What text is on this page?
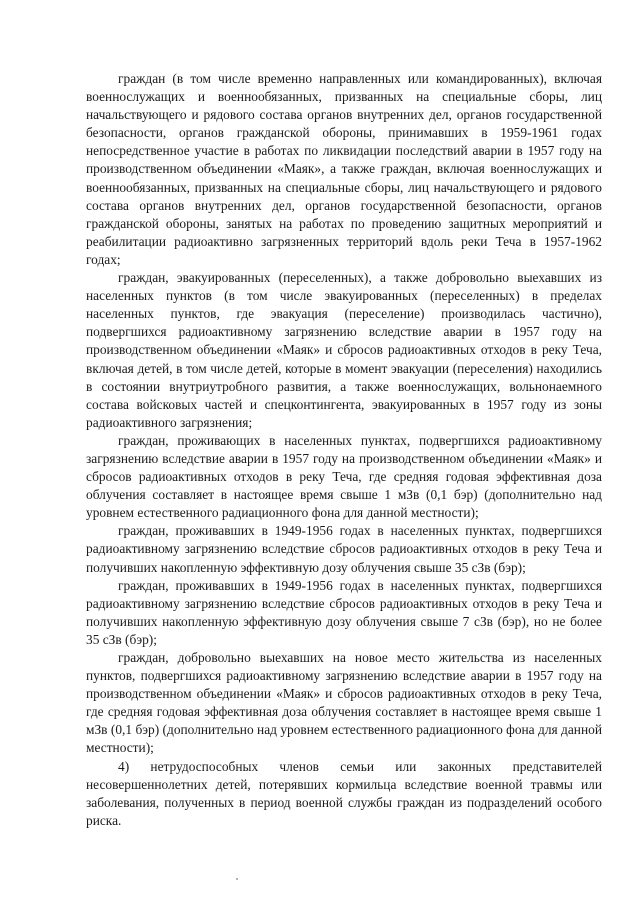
граждан (в том числе временно направленных или командированных), включая военнослужащих и военнообязанных, призванных на специальные сборы, лиц начальствующего и рядового состава органов внутренних дел, органов государственной безопасности, органов гражданской обороны, принимавших в 1959-1961 годах непосредственное участие в работах по ликвидации последствий аварии в 1957 году на производственном объединении «Маяк», а также граждан, включая военнослужащих и военнообязанных, призванных на специальные сборы, лиц начальствующего и рядового состава органов внутренних дел, органов государственной безопасности, органов гражданской обороны, занятых на работах по проведению защитных мероприятий и реабилитации радиоактивно загрязненных территорий вдоль реки Теча в 1957-1962 годах;

граждан, эвакуированных (переселенных), а также добровольно выехавших из населенных пунктов (в том числе эвакуированных (переселенных) в пределах населенных пунктов, где эвакуация (переселение) производилась частично), подвергшихся радиоактивному загрязнению вследствие аварии в 1957 году на производственном объединении «Маяк» и сбросов радиоактивных отходов в реку Теча, включая детей, в том числе детей, которые в момент эвакуации (переселения) находились в состоянии внутриутробного развития, а также военнослужащих, вольнонаемного состава войсковых частей и спецконтингента, эвакуированных в 1957 году из зоны радиоактивного загрязнения;

граждан, проживающих в населенных пунктах, подвергшихся радиоактивному загрязнению вследствие аварии в 1957 году на производственном объединении «Маяк» и сбросов радиоактивных отходов в реку Теча, где средняя годовая эффективная доза облучения составляет в настоящее время свыше 1 мЗв (0,1 бэр) (дополнительно над уровнем естественного радиационного фона для данной местности);

граждан, проживавших в 1949-1956 годах в населенных пунктах, подвергшихся радиоактивному загрязнению вследствие сбросов радиоактивных отходов в реку Теча и получивших накопленную эффективную дозу облучения свыше 35 сЗв (бэр);

граждан, проживавших в 1949-1956 годах в населенных пунктах, подвергшихся радиоактивному загрязнению вследствие сбросов радиоактивных отходов в реку Теча и получивших накопленную эффективную дозу облучения свыше 7 сЗв (бэр), но не более 35 сЗв (бэр);

граждан, добровольно выехавших на новое место жительства из населенных пунктов, подвергшихся радиоактивному загрязнению вследствие аварии в 1957 году на производственном объединении «Маяк» и сбросов радиоактивных отходов в реку Теча, где средняя годовая эффективная доза облучения составляет в настоящее время свыше 1 мЗв (0,1 бэр) (дополнительно над уровнем естественного радиационного фона для данной местности);

4) нетрудоспособных членов семьи или законных представителей несовершеннолетних детей, потерявших кормильца вследствие военной травмы или заболевания, полученных в период военной службы граждан из подразделений особого риска.
